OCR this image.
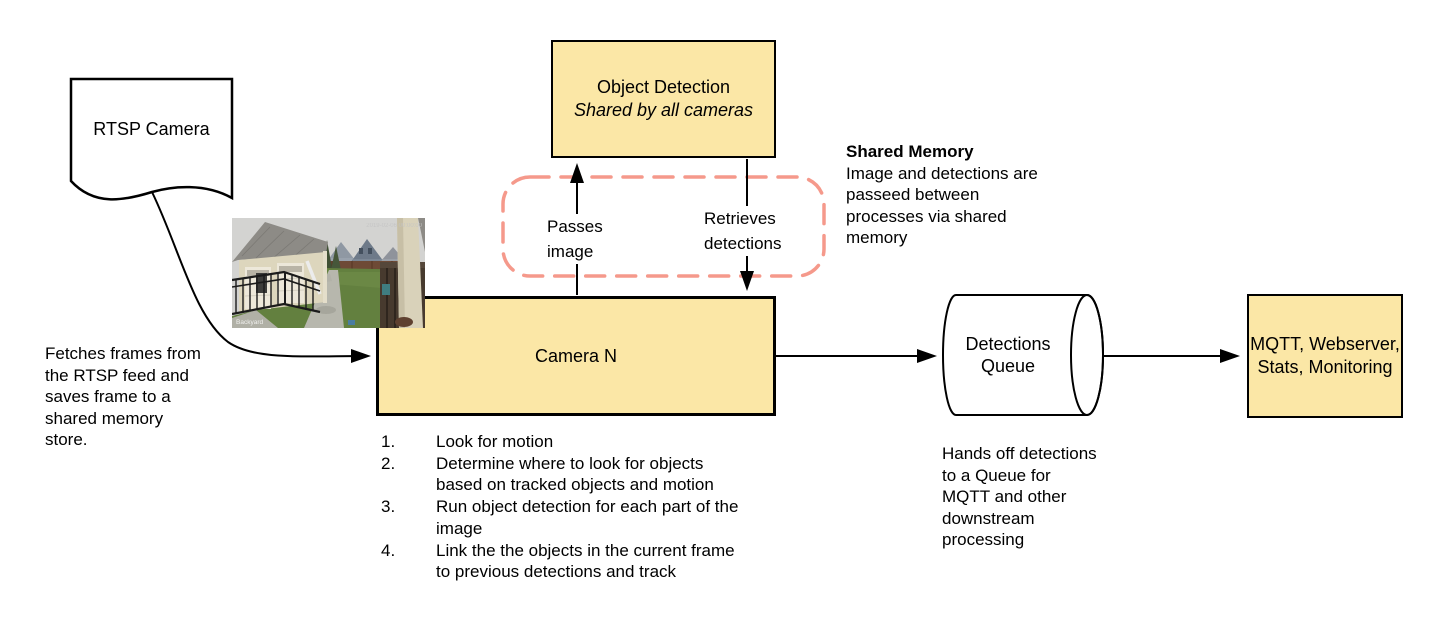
RTSP Camera
Fetches frames from
the RTSP feed and
saves frame to a
shared memory
store.
Object Detection
Shared by all cameras
Passes
image
Retrieves
detections
Shared Memory
Image and detections are
passeed between
processes via shared
memory
Camera N
2019-02-06 00:00:00
Backyard
1.	Look for motion
2.	Determine where to look for objects based on tracked objects and motion
3.	Run object detection for each part of the image
4.	Link the the objects in the current frame to previous detections and track
Detections
Queue
Hands off detections
to a Queue for
MQTT and other
downstream
processing
MQTT, Webserver,
Stats, Monitoring
